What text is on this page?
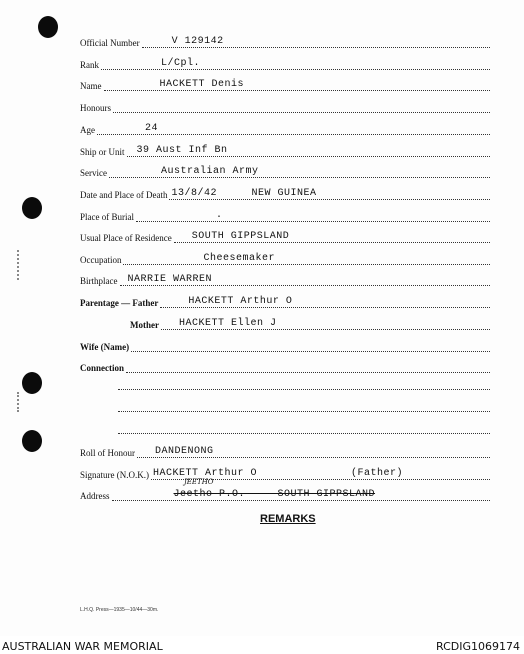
Official Number	V 129142
Rank	L/Cpl.
Name	HACKETT Denis
Honours
Age	24
Ship or Unit 39 Aust Inf Bn
Service	Australian Army
Date and Place of Death 13/8/42	NEW GUINEA
Place of Burial	.
Usual Place of Residence SOUTH GIPPSLAND
Occupation	Cheesemaker
Birthplace NARRIE WARREN
Parentage — Father	HACKETT Arthur O
Mother HACKETT Ellen J
Wife (Name)
Connection
Roll of Honour DANDENONG
Signature (N.O.K.) HACKETT Arthur O	(Father)
JEETHO
Address	Jeetho P.O.     SOUTH GIPPSLAND
REMARKS
L.H.Q. Press—1935—10/44—30m.
AUSTRALIAN WAR MEMORIAL	RCDIG1069174
